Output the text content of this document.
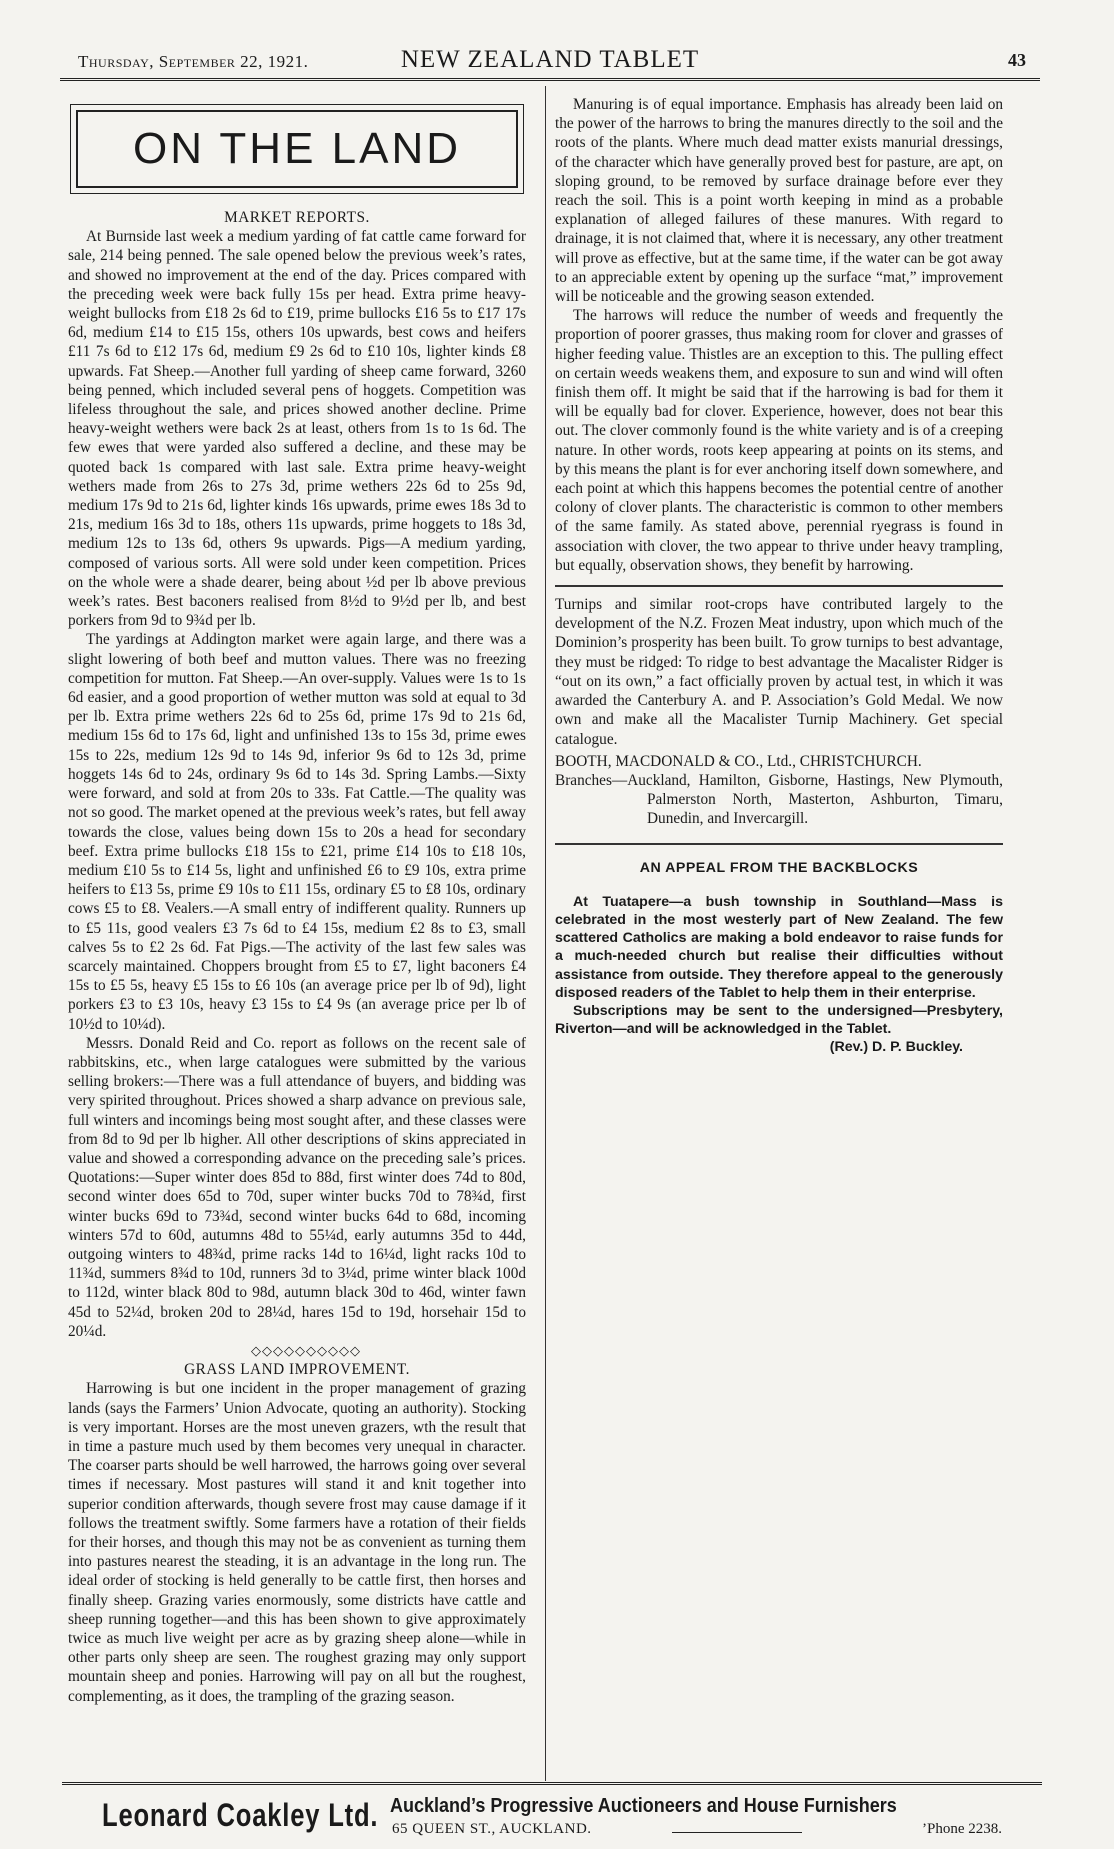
Thursday, September 22, 1921.	NEW ZEALAND TABLET	43
ON THE LAND

MARKET REPORTS.

At Burnside last week a medium yarding of fat cattle came forward for sale, 214 being penned. The sale opened below the previous week’s rates, and showed no improvement at the end of the day. Prices compared with the preceding week were back fully 15s per head. Extra prime heavy-weight bullocks from £18 2s 6d to £19, prime bullocks £16 5s to £17 17s 6d, medium £14 to £15 15s, others 10s upwards, best cows and heifers £11 7s 6d to £12 17s 6d, medium £9 2s 6d to £10 10s, lighter kinds £8 upwards. Fat Sheep.—Another full yarding of sheep came forward, 3260 being penned, which included several pens of hoggets. Competition was lifeless throughout the sale, and prices showed another decline. Prime heavy-weight wethers were back 2s at least, others from 1s to 1s 6d. The few ewes that were yarded also suffered a decline, and these may be quoted back 1s compared with last sale. Extra prime heavy-weight wethers made from 26s to 27s 3d, prime wethers 22s 6d to 25s 9d, medium 17s 9d to 21s 6d, lighter kinds 16s upwards, prime ewes 18s 3d to 21s, medium 16s 3d to 18s, others 11s upwards, prime hoggets to 18s 3d, medium 12s to 13s 6d, others 9s upwards. Pigs—A medium yarding, composed of various sorts. All were sold under keen competition. Prices on the whole were a shade dearer, being about ½d per lb above previous week’s rates. Best baconers realised from 8½d to 9½d per lb, and best porkers from 9d to 9¾d per lb.

The yardings at Addington market were again large, and there was a slight lowering of both beef and mutton values. There was no freezing competition for mutton. Fat Sheep.—An over-supply. Values were 1s to 1s 6d easier, and a good proportion of wether mutton was sold at equal to 3d per lb. Extra prime wethers 22s 6d to 25s 6d, prime 17s 9d to 21s 6d, medium 15s 6d to 17s 6d, light and unfinished 13s to 15s 3d, prime ewes 15s to 22s, medium 12s 9d to 14s 9d, inferior 9s 6d to 12s 3d, prime hoggets 14s 6d to 24s, ordinary 9s 6d to 14s 3d. Spring Lambs.—Sixty were forward, and sold at from 20s to 33s. Fat Cattle.—The quality was not so good. The market opened at the previous week’s rates, but fell away towards the close, values being down 15s to 20s a head for secondary beef. Extra prime bullocks £18 15s to £21, prime £14 10s to £18 10s, medium £10 5s to £14 5s, light and unfinished £6 to £9 10s, extra prime heifers to £13 5s, prime £9 10s to £11 15s, ordinary £5 to £8 10s, ordinary cows £5 to £8. Vealers.—A small entry of indifferent quality. Runners up to £5 11s, good vealers £3 7s 6d to £4 15s, medium £2 8s to £3, small calves 5s to £2 2s 6d. Fat Pigs.—The activity of the last few sales was scarcely maintained. Choppers brought from £5 to £7, light baconers £4 15s to £5 5s, heavy £5 15s to £6 10s (an average price per lb of 9d), light porkers £3 to £3 10s, heavy £3 15s to £4 9s (an average price per lb of 10½d to 10¼d).

Messrs. Donald Reid and Co. report as follows on the recent sale of rabbitskins, etc., when large catalogues were submitted by the various selling brokers:—There was a full attendance of buyers, and bidding was very spirited throughout. Prices showed a sharp advance on previous sale, full winters and incomings being most sought after, and these classes were from 8d to 9d per lb higher. All other descriptions of skins appreciated in value and showed a corresponding advance on the preceding sale’s prices. Quotations:—Super winter does 85d to 88d, first winter does 74d to 80d, second winter does 65d to 70d, super winter bucks 70d to 78¾d, first winter bucks 69d to 73¾d, second winter bucks 64d to 68d, incoming winters 57d to 60d, autumns 48d to 55¼d, early autumns 35d to 44d, outgoing winters to 48¾d, prime racks 14d to 16¼d, light racks 10d to 11¾d, summers 8¾d to 10d, runners 3d to 3¼d, prime winter black 100d to 112d, winter black 80d to 98d, autumn black 30d to 46d, winter fawn 45d to 52¼d, broken 20d to 28¼d, hares 15d to 19d, horsehair 15d to 20¼d.

◇◇◇◇◇◇◇◇◇◇

GRASS LAND IMPROVEMENT.

Harrowing is but one incident in the proper management of grazing lands (says the Farmers’ Union Advocate, quoting an authority). Stocking is very important. Horses are the most uneven grazers, wth the result that in time a pasture much used by them becomes very unequal in character. The coarser parts should be well harrowed, the harrows going over several times if necessary. Most pastures will stand it and knit together into superior condition afterwards, though severe frost may cause damage if it follows the treatment swiftly. Some farmers have a rotation of their fields for their horses, and though this may not be as convenient as turning them into pastures nearest the steading, it is an advantage in the long run. The ideal order of stocking is held generally to be cattle first, then horses and finally sheep. Grazing varies enormously, some districts have cattle and sheep running together—and this has been shown to give approximately twice as much live weight per acre as by grazing sheep alone—while in other parts only sheep are seen. The roughest grazing may only support mountain sheep and ponies. Harrowing will pay on all but the roughest, complementing, as it does, the trampling of the grazing season.

Manuring is of equal importance. Emphasis has already been laid on the power of the harrows to bring the manures directly to the soil and the roots of the plants. Where much dead matter exists manurial dressings, of the character which have generally proved best for pasture, are apt, on sloping ground, to be removed by surface drainage before ever they reach the soil. This is a point worth keeping in mind as a probable explanation of alleged failures of these manures. With regard to drainage, it is not claimed that, where it is necessary, any other treatment will prove as effective, but at the same time, if the water can be got away to an appreciable extent by opening up the surface “mat,” improvement will be noticeable and the growing season extended.

The harrows will reduce the number of weeds and frequently the proportion of poorer grasses, thus making room for clover and grasses of higher feeding value. Thistles are an exception to this. The pulling effect on certain weeds weakens them, and exposure to sun and wind will often finish them off. It might be said that if the harrowing is bad for them it will be equally bad for clover. Experience, however, does not bear this out. The clover commonly found is the white variety and is of a creeping nature. In other words, roots keep appearing at points on its stems, and by this means the plant is for ever anchoring itself down somewhere, and each point at which this happens becomes the potential centre of another colony of clover plants. The characteristic is common to other members of the same family. As stated above, perennial ryegrass is found in association with clover, the two appear to thrive under heavy trampling, but equally, observation shows, they benefit by harrowing.

Turnips and similar root-crops have contributed largely to the development of the N.Z. Frozen Meat industry, upon which much of the Dominion’s prosperity has been built. To grow turnips to best advantage, they must be ridged: To ridge to best advantage the Macalister Ridger is “out on its own,” a fact officially proven by actual test, in which it was awarded the Canterbury A. and P. Association’s Gold Medal. We now own and make all the Macalister Turnip Machinery. Get special catalogue.

BOOTH, MACDONALD & CO., Ltd., CHRISTCHURCH.

Branches—Auckland, Hamilton, Gisborne, Hastings, New Plymouth, Palmerston North, Masterton, Ashburton, Timaru, Dunedin, and Invercargill.

AN APPEAL FROM THE BACKBLOCKS

At Tuatapere—a bush township in Southland—Mass is celebrated in the most westerly part of New Zealand. The few scattered Catholics are making a bold endeavor to raise funds for a much-needed church but realise their difficulties without assistance from outside. They therefore appeal to the generously disposed readers of the Tablet to help them in their enterprise.

Subscriptions may be sent to the undersigned—Presbytery, Riverton—and will be acknowledged in the Tablet.

(Rev.) D. P. Buckley.

Leonard Coakley Ltd. Auckland’s Progressive Auctioneers and House Furnishers
65 QUEEN ST., AUCKLAND.	’Phone 2238.
